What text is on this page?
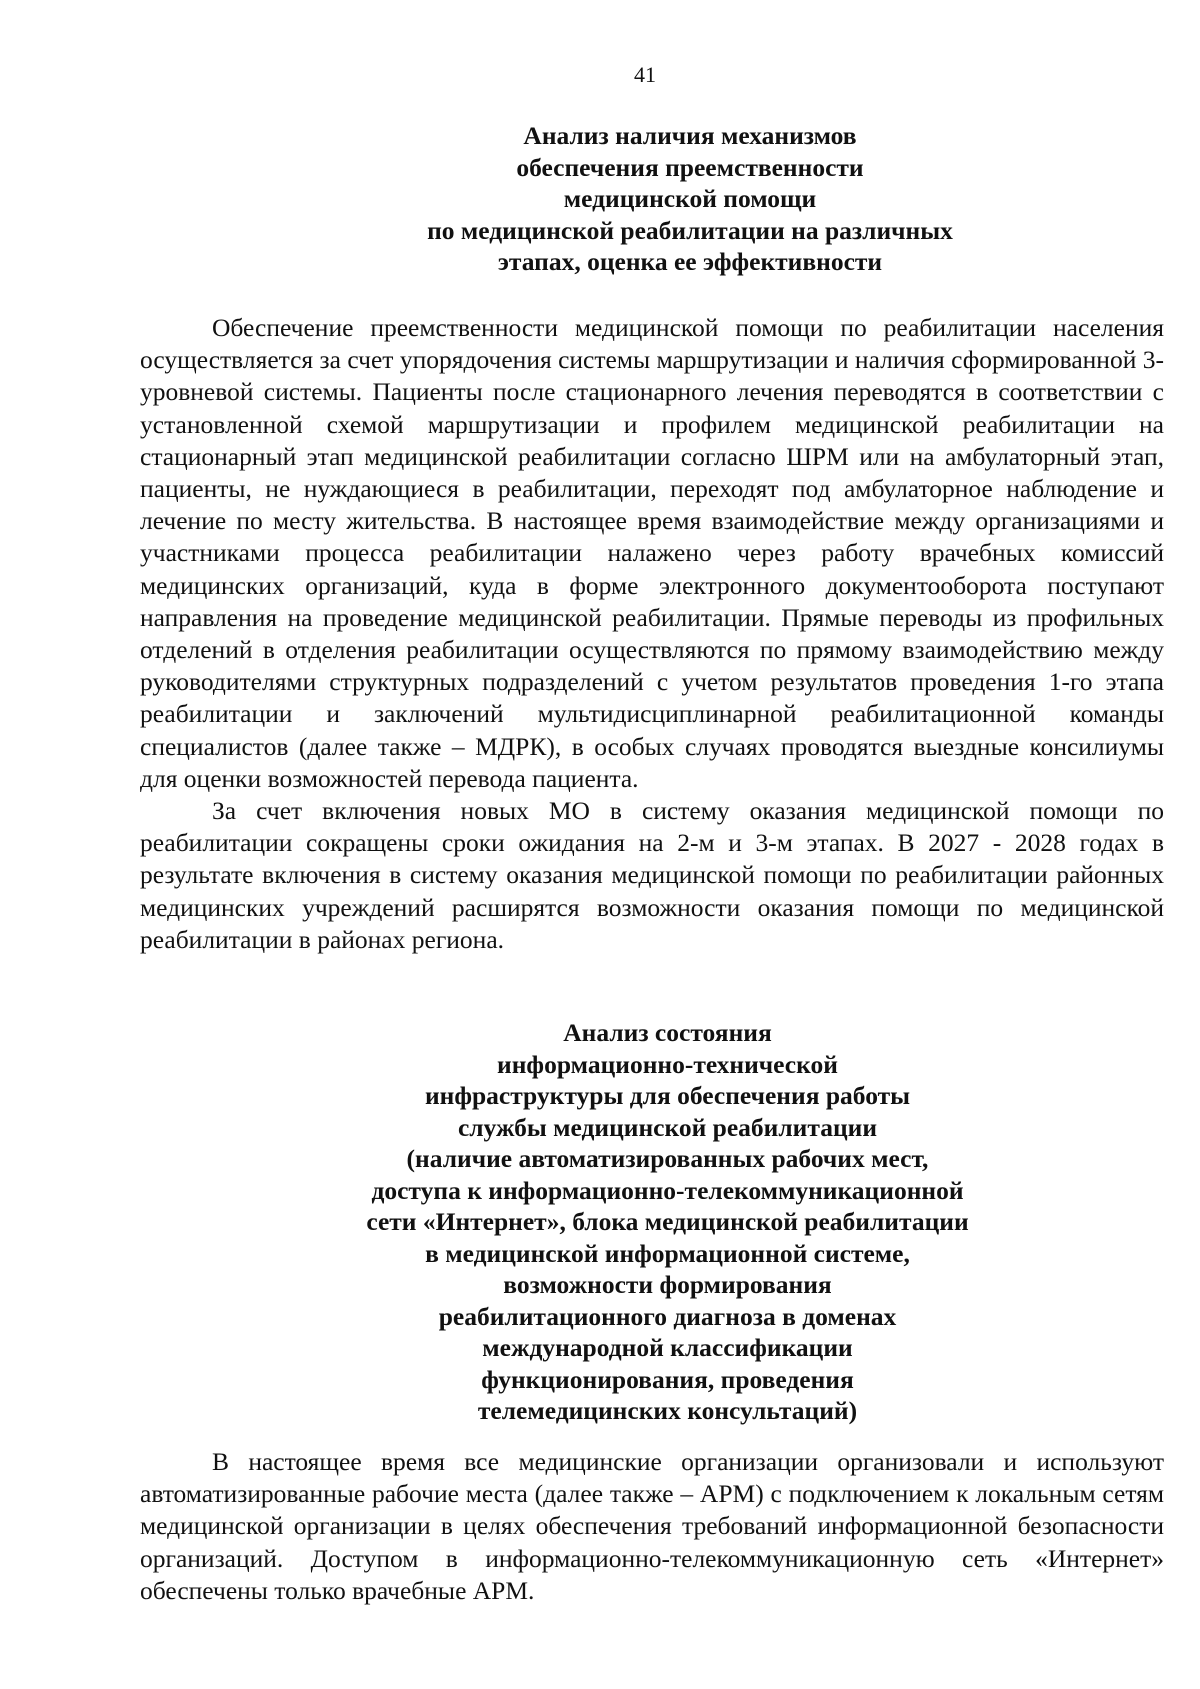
41
Анализ наличия механизмов
обеспечения преемственности
медицинской помощи
по медицинской реабилитации на различных
этапах, оценка ее эффективности

Обеспечение преемственности медицинской помощи по реабилитации населения осуществляется за счет упорядочения системы маршрутизации и наличия сформированной 3-уровневой системы. Пациенты после стационарного лечения переводятся в соответствии с установленной схемой маршрутизации и профилем медицинской реабилитации на стационарный этап медицинской реабилитации согласно ШРМ или на амбулаторный этап, пациенты, не нуждающиеся в реабилитации, переходят под амбулаторное наблюдение и лечение по месту жительства. В настоящее время взаимодействие между организациями и участниками процесса реабилитации налажено через работу врачебных комиссий медицинских организаций, куда в форме электронного документооборота поступают направления на проведение медицинской реабилитации. Прямые переводы из профильных отделений в отделения реабилитации осуществляются по прямому взаимодействию между руководителями структурных подразделений с учетом результатов проведения 1-го этапа реабилитации и заключений мультидисциплинарной реабилитационной команды специалистов (далее также – МДРК), в особых случаях проводятся выездные консилиумы для оценки возможностей перевода пациента.

За счет включения новых МО в систему оказания медицинской помощи по реабилитации сокращены сроки ожидания на 2-м и 3-м этапах. В 2027 - 2028 годах в результате включения в систему оказания медицинской помощи по реабилитации районных медицинских учреждений расширятся возможности оказания помощи по медицинской реабилитации в районах региона.

Анализ состояния
информационно-технической
инфраструктуры для обеспечения работы
службы медицинской реабилитации
(наличие автоматизированных рабочих мест,
доступа к информационно-телекоммуникационной
сети «Интернет», блока медицинской реабилитации
в медицинской информационной системе,
возможности формирования
реабилитационного диагноза в доменах
международной классификации
функционирования, проведения
телемедицинских консультаций)

В настоящее время все медицинские организации организовали и используют автоматизированные рабочие места (далее также – АРМ) с подключением к локальным сетям медицинской организации в целях обеспечения требований информационной безопасности организаций. Доступом в информационно-телекоммуникационную сеть «Интернет» обеспечены только врачебные АРМ.
